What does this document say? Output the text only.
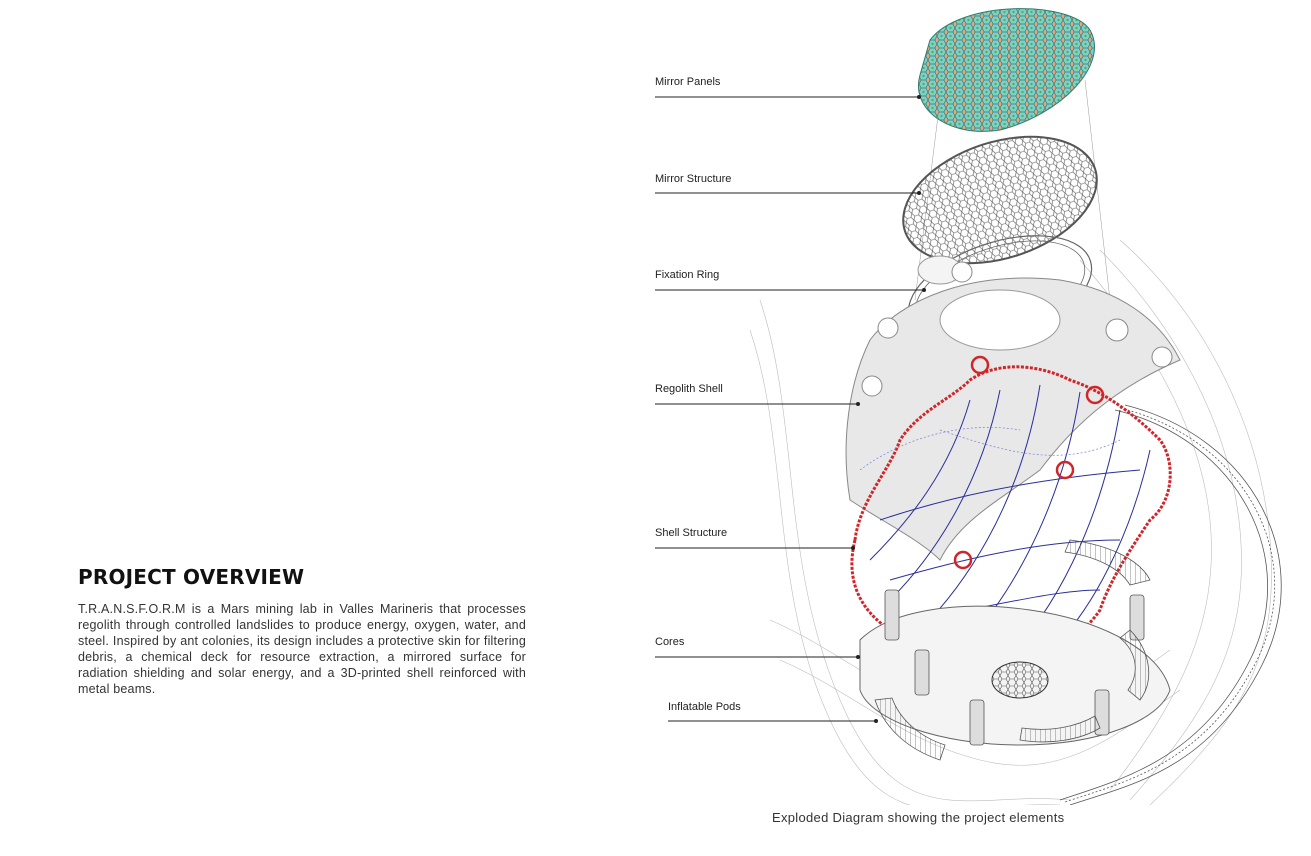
PROJECT OVERVIEW

T.R.A.N.S.F.O.R.M is a Mars mining lab in Valles Marineris that processes regolith through controlled landslides to produce energy, oxygen, water, and steel. Inspired by ant colonies, its design includes a protective skin for filtering debris, a chemical deck for resource extraction, a mirrored surface for radiation shielding and solar energy, and a 3D-printed shell reinforced with metal beams.

Mirror Panels
Mirror Structure
Fixation Ring
Regolith Shell
Shell Structure
Cores
Inflatable Pods
Exploded Diagram showing the project elements
